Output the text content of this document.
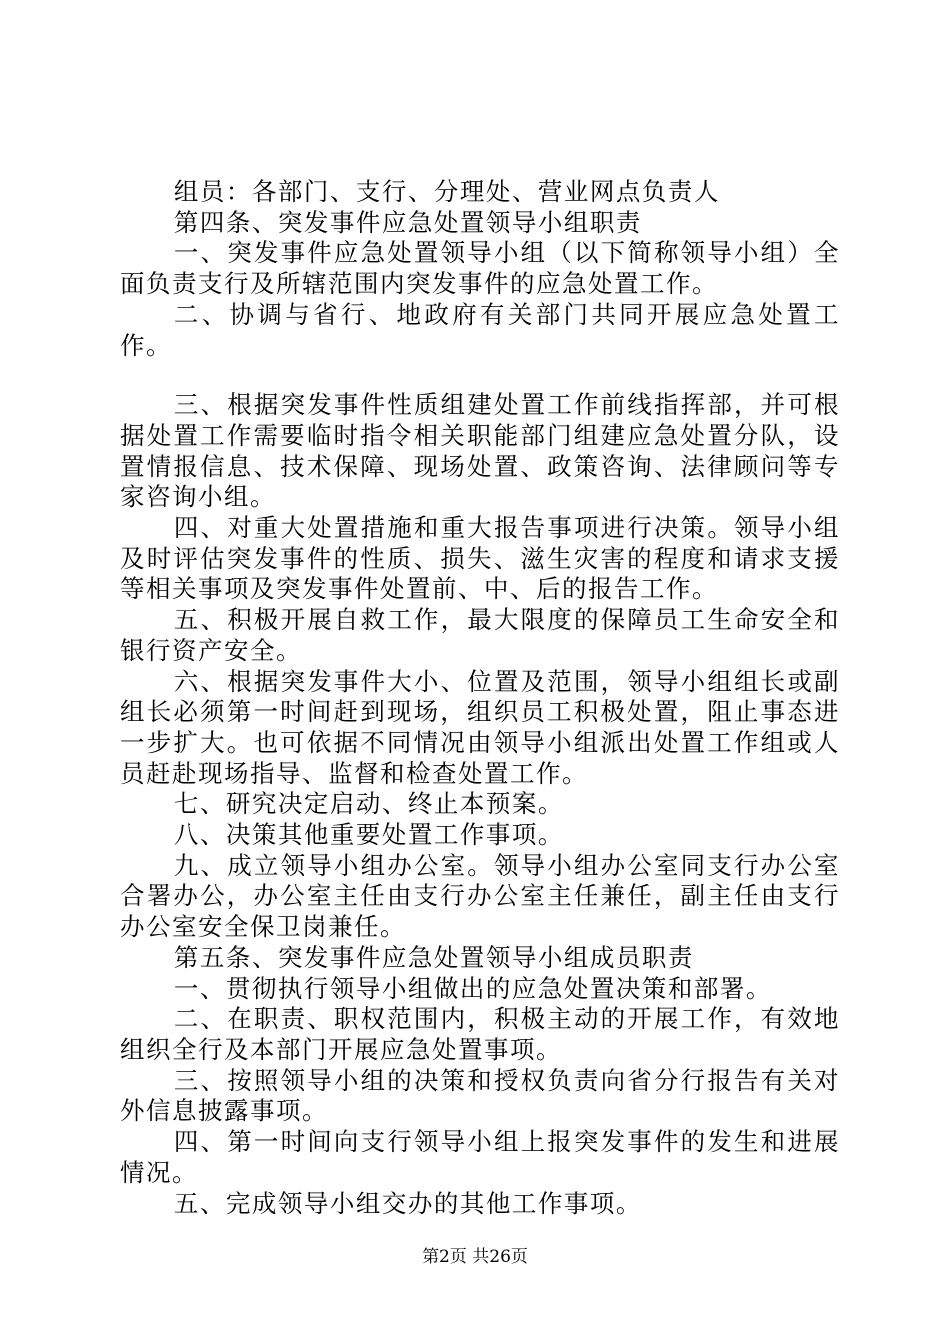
组员：各部门、支行、分理处、营业网点负责人

第四条、突发事件应急处置领导小组职责

一、突发事件应急处置领导小组（以下简称领导小组）全面负责支行及所辖范围内突发事件的应急处置工作。

二、协调与省行、地政府有关部门共同开展应急处置工作。

三、根据突发事件性质组建处置工作前线指挥部，并可根据处置工作需要临时指令相关职能部门组建应急处置分队，设置情报信息、技术保障、现场处置、政策咨询、法律顾问等专家咨询小组。

四、对重大处置措施和重大报告事项进行决策。领导小组及时评估突发事件的性质、损失、滋生灾害的程度和请求支援等相关事项及突发事件处置前、中、后的报告工作。

五、积极开展自救工作，最大限度的保障员工生命安全和银行资产安全。

六、根据突发事件大小、位置及范围，领导小组组长或副组长必须第一时间赶到现场，组织员工积极处置，阻止事态进一步扩大。也可依据不同情况由领导小组派出处置工作组或人员赶赴现场指导、监督和检查处置工作。

七、研究决定启动、终止本预案。

八、决策其他重要处置工作事项。

九、成立领导小组办公室。领导小组办公室同支行办公室合署办公，办公室主任由支行办公室主任兼任，副主任由支行办公室安全保卫岗兼任。

第五条、突发事件应急处置领导小组成员职责

一、贯彻执行领导小组做出的应急处置决策和部署。

二、在职责、职权范围内，积极主动的开展工作，有效地组织全行及本部门开展应急处置事项。

三、按照领导小组的决策和授权负责向省分行报告有关对外信息披露事项。

四、第一时间向支行领导小组上报突发事件的发生和进展情况。

五、完成领导小组交办的其他工作事项。

第2页 共26页
